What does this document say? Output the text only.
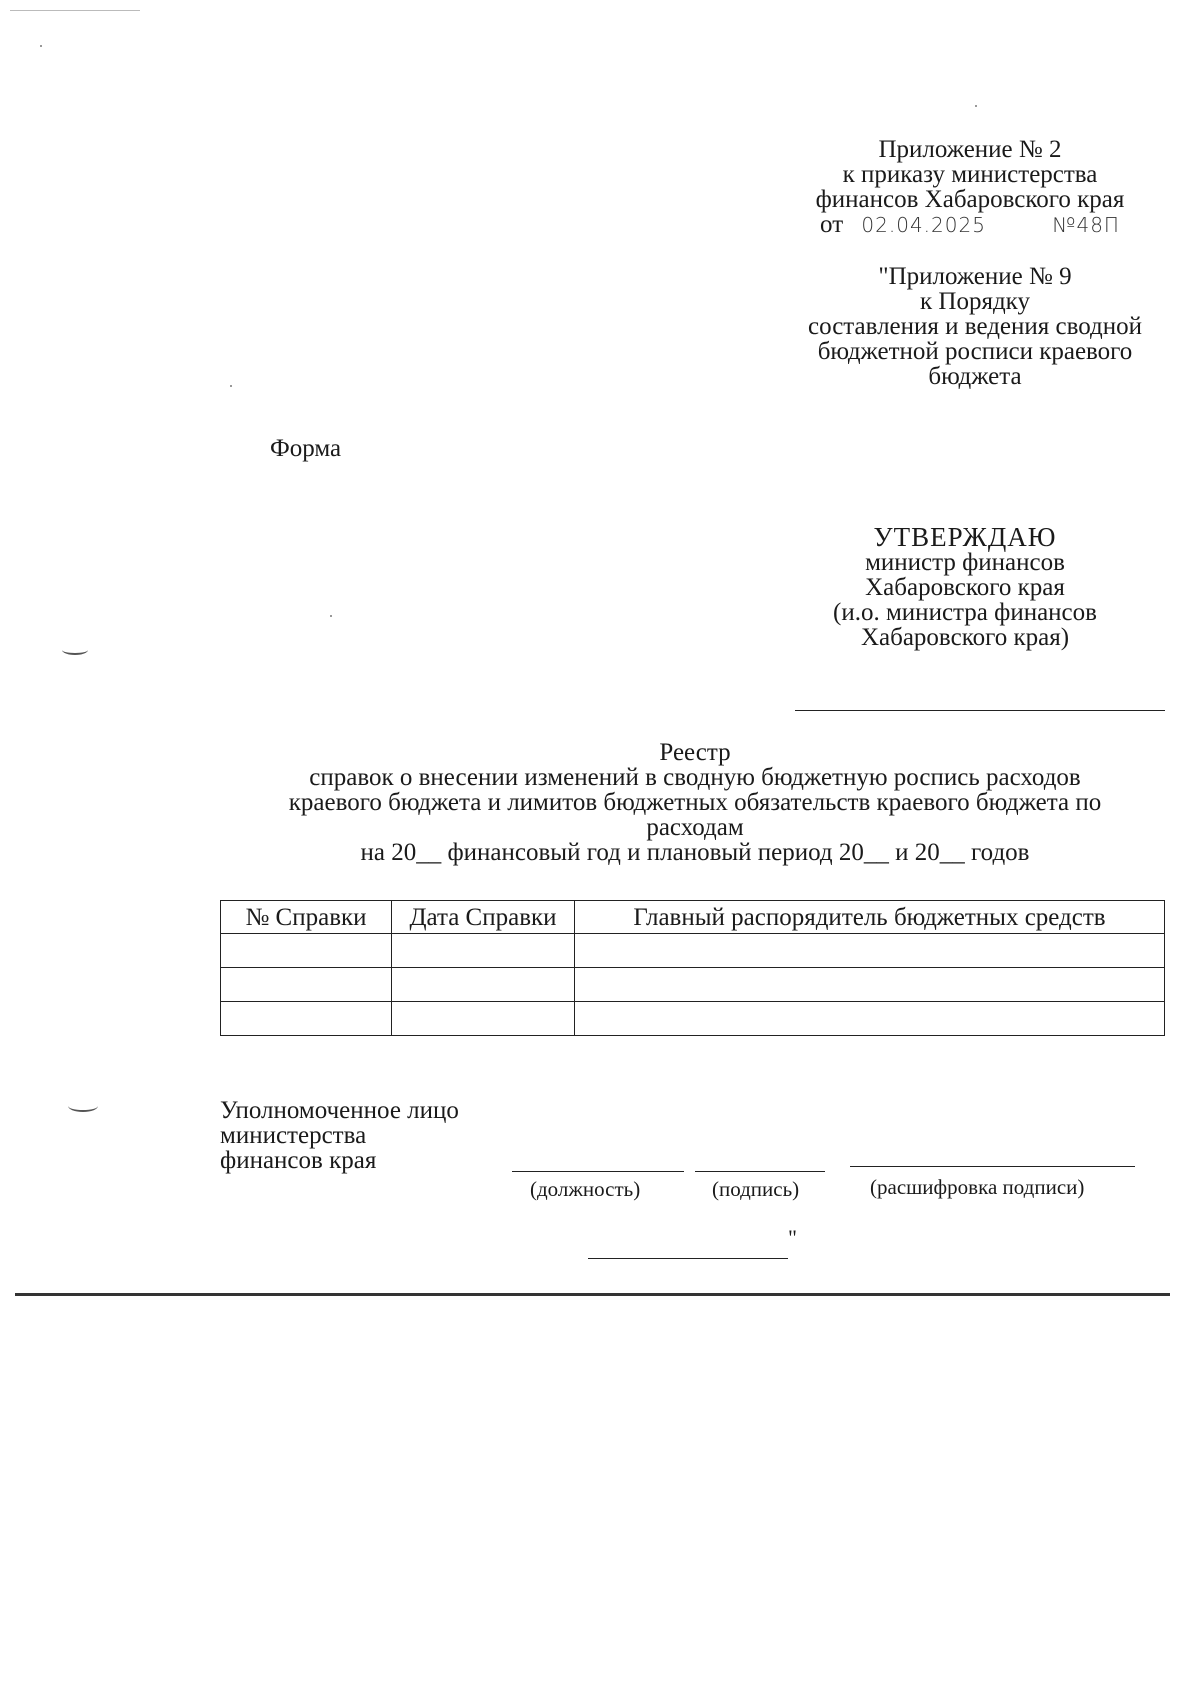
Приложение № 2
к приказу министерства
финансов Хабаровского края
от 02.04.2025	№48П
"Приложение № 9
к Порядку
составления и ведения сводной
бюджетной росписи краевого
бюджета
Форма
УТВЕРЖДАЮ
министр финансов
Хабаровского края
(и.о. министра финансов
Хабаровского края)
Реестр
справок о внесении изменений в сводную бюджетную роспись расходов
краевого бюджета и лимитов бюджетных обязательств краевого бюджета по
расходам
на 20__ финансовый год и плановый период 20__ и 20__ годов
№ Справки	Дата Справки	Главный распорядитель бюджетных средств

Уполномоченное лицо
министерства
финансов края
(должность)	(подпись)	(расшифровка подписи)
"
